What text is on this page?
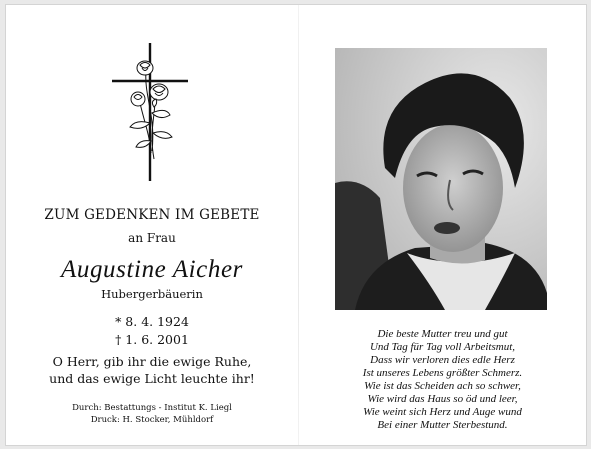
ZUM GEDENKEN IM GEBETE
an Frau
Augustine Aicher
Hubergerbäuerin
* 8. 4. 1924
† 1. 6. 2001
O Herr, gib ihr die ewige Ruhe,
und das ewige Licht leuchte ihr!
Durch: Bestattungs - Institut K. Liegl
Druck: H. Stocker, Mühldorf
Die beste Mutter treu und gut
Und Tag für Tag voll Arbeitsmut,
Dass wir verloren dies edle Herz
Ist unseres Lebens größter Schmerz.
Wie ist das Scheiden ach so schwer,
Wie wird das Haus so öd und leer,
Wie weint sich Herz und Auge wund
Bei einer Mutter Sterbestund.
